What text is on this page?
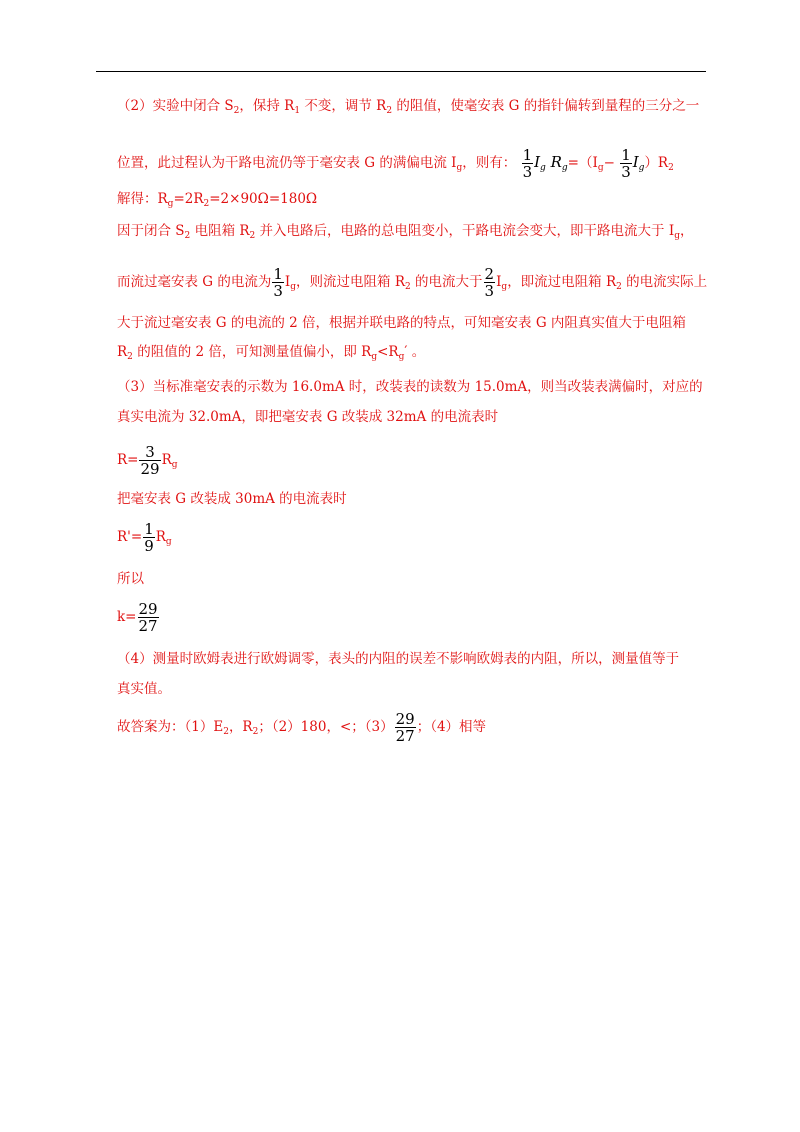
（2）实验中闭合 $S_2$，保持 $R_1$ 不变，调节 $R_2$ 的阻值，使毫安表 G 的指针偏转到量程的三分之一
位置，此过程认为干路电流仍等于毫安表 G 的满偏电流 $I_g$，则有： $\frac{1}{3} I_g$ $R_g=(I_g- \frac{1}{3} I_g)R_2$
解得：$R_g=2R_2=2\times 90\Omega=180\Omega$
因于闭合 $S_2$ 电阻箱 $R_2$ 并入电路后，电路的总电阻变小，干路电流会变大，即干路电流大于 $I_g$，
而流过毫安表 G 的电流为 $\frac{1}{3} I_g$，则流过电阻箱 $R_2$ 的电流大于 $\frac{2}{3} I_g$，即流过电阻箱 $R_2$ 的电流实际上
大于流过毫安表 G 的电流的 2 倍，根据并联电路的特点，可知毫安表 G 内阻真实值大于电阻箱
$R_2$ 的阻值的 2 倍，可知测量值偏小，即 $R_g<R_g'$ 。
（3）当标准毫安表的示数为 16.0mA 时，改装表的读数为 15.0mA，则当改装表满偏时，对应的
真实电流为 32.0mA，即把毫安表 G 改装成 32mA 的电流表时
$R= \frac{3}{29} R_g$
把毫安表 G 改装成 30mA 的电流表时
$R'= \frac{1}{9} R_g$
所以
$k= \frac{29}{27}$
（4）测量时欧姆表进行欧姆调零，表头的内阻的误差不影响欧姆表的内阻，所以，测量值等于
真实值。
故答案为：$(1)E_2$，$R_2$；（2）180，<；$(3) \frac{29}{27}$ ；（4）相等
